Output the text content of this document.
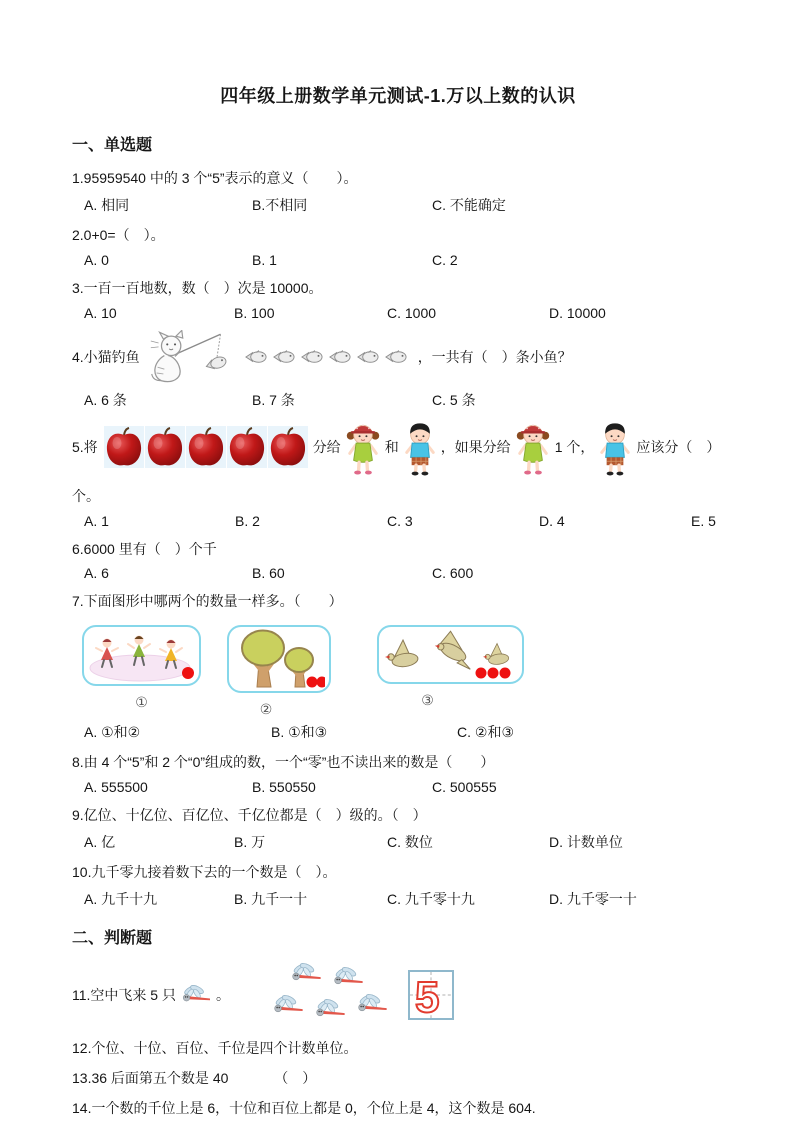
四年级上册数学单元测试-1.万以上数的认识
一、单选题

1.95959540 中的 3 个“5”表示的意义（　　）。

A. 相同	B.不相同	C. 不能确定

2.0+0=（　）。

A. 0	B. 1	C. 2

3.一百一百地数，数（　）次是 10000。

A. 10	B. 100	C. 1000	D. 10000
4.小猫钓鱼	，一共有（　）条小鱼？
A. 6 条	B. 7 条	C. 5 条
5.将	分给	和	，如果分给	1 个，	应该分（　）

个。

A. 1	B. 2	C. 3	D. 4	E. 5

6.6000 里有（　）个千

A. 6	B. 60	C. 600

7.下面图形中哪两个的数量一样多。（　　）

①	②
③
A. ①和②	B. ①和③	C. ②和③

8.由 4 个“5”和 2 个“0”组成的数，一个“零”也不读出来的数是（　　）

A. 555500	B. 550550	C. 500555

9.亿位、十亿位、百亿位、千亿位都是（　）级的。（　）

A. 亿	B. 万	C. 数位	D. 计数单位

10.九千零九接着数下去的一个数是（　）。

A. 九千十九	B. 九千一十	C. 九千零十九	D. 九千零一十
二、判断题
11.空中飞来 5 只	。	5

12.个位、十位、百位、千位是四个计数单位。

13.36 后面第五个数是 40	（　）

14.一个数的千位上是 6，十位和百位上都是 0，个位上是 4，这个数是 604.
